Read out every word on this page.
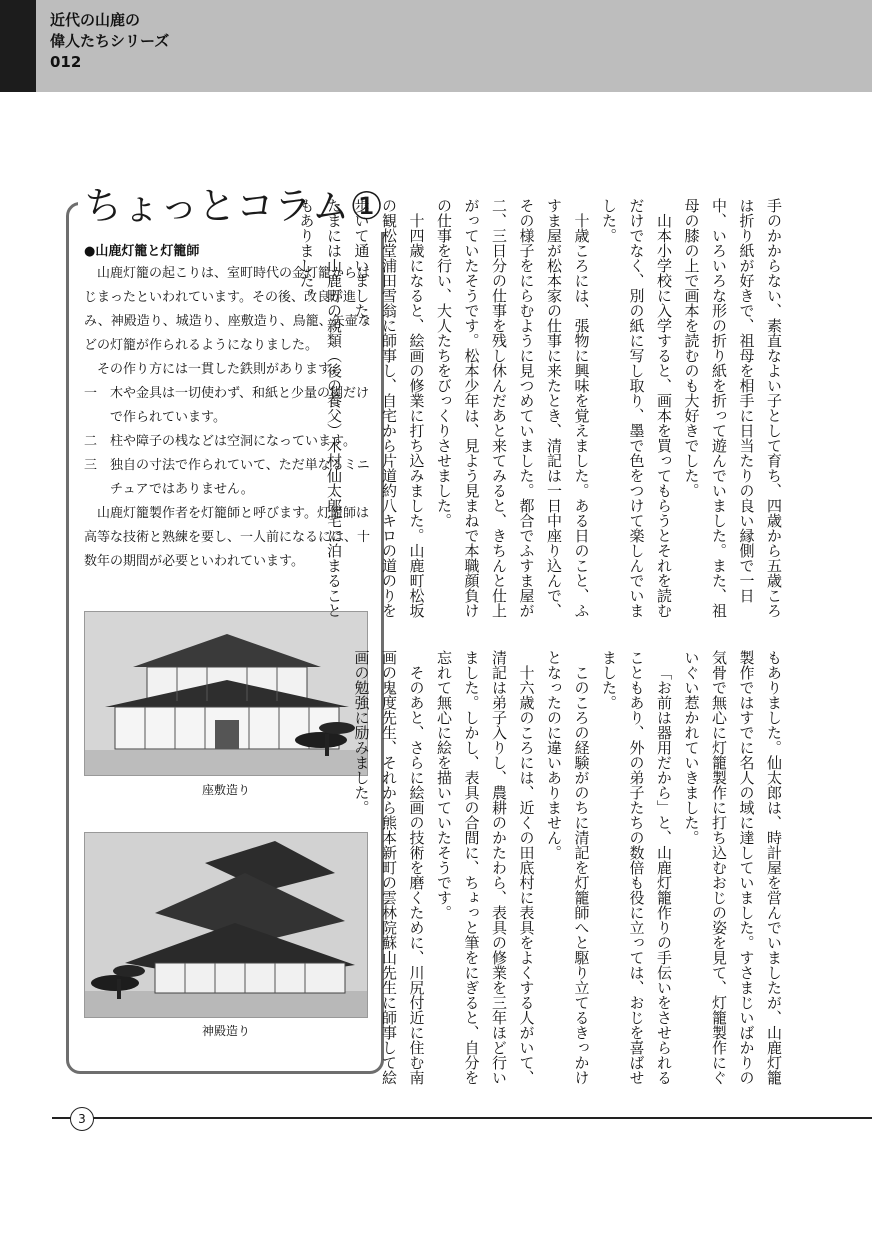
近代の山鹿の
偉人たちシリーズ
012
ちょっとコラム①
●山鹿灯籠と灯籠師

山鹿灯籠の起こりは、室町時代の金灯籠からはじまったといわれています。その後、改良が進み、神殿造り、城造り、座敷造り、鳥籠、矢壷などの灯籠が作られるようになりました。

その作り方には一貫した鉄則があります。

一 木や金具は一切使わず、和紙と少量の糊だけで作られています。
二 柱や障子の桟などは空洞になっています。
三 独自の寸法で作られていて、ただ単なるミニチュアではありません。

山鹿灯籠製作者を灯籠師と呼びます。灯籠師は高等な技術と熟練を要し、一人前になるには、十数年の期間が必要といわれています。

座敷造り
神殿造り

手のかからない、素直なよい子として育ち、四歳から五歳ころは折り紙が好きで、祖母を相手に日当たりの良い縁側で一日中、いろいろな形の折り紙を折って遊んでいました。また、祖母の膝の上で画本を読むのも大好きでした。

山本小学校に入学すると、画本を買ってもらうとそれを読むだけでなく、別の紙に写し取り、墨で色をつけて楽しんでいました。

十歳ころには、張物に興味を覚えました。ある日のこと、ふすま屋が松本家の仕事に来たとき、清記は一日中座り込んで、その様子をにらむように見つめていました。都合でふすま屋が二、三日分の仕事を残し休んだあと来てみると、きちんと仕上がっていたそうです。松本少年は、見よう見まねで本職顔負けの仕事を行い、大人たちをびっくりさせました。

十四歳になると、絵画の修業に打ち込みました。山鹿町松坂の観松堂浦田雪翁に師事し、自宅から片道約八キロの道のりを歩いて通いました。

たまには山鹿町の親類（後の養父）木村仙太郎宅に泊まることもありました。

もありました。仙太郎は、時計屋を営んでいましたが、山鹿灯籠製作ではすでに名人の域に達していました。すさまじいばかりの気骨で無心に灯籠製作に打ち込むおじの姿を見て、灯籠製作にぐいぐい惹かれていきました。

「お前は器用だから」と、山鹿灯籠作りの手伝いをさせられることもあり、外の弟子たちの数倍も役に立っては、おじを喜ばせました。

このころの経験がのちに清記を灯籠師へと駆り立てるきっかけとなったのに違いありません。

十六歳のころには、近くの田底村に表具をよくする人がいて、清記は弟子入りし、農耕のかたわら、表具の修業を三年ほど行いました。しかし、表具の合間に、ちょっと筆をにぎると、自分を忘れて無心に絵を描いていたそうです。

そのあと、さらに絵画の技術を磨くために、川尻付近に住む南画の鬼度先生、それから熊本新町の雲林院蘇山先生に師事して絵画の勉強に励みました。

3
